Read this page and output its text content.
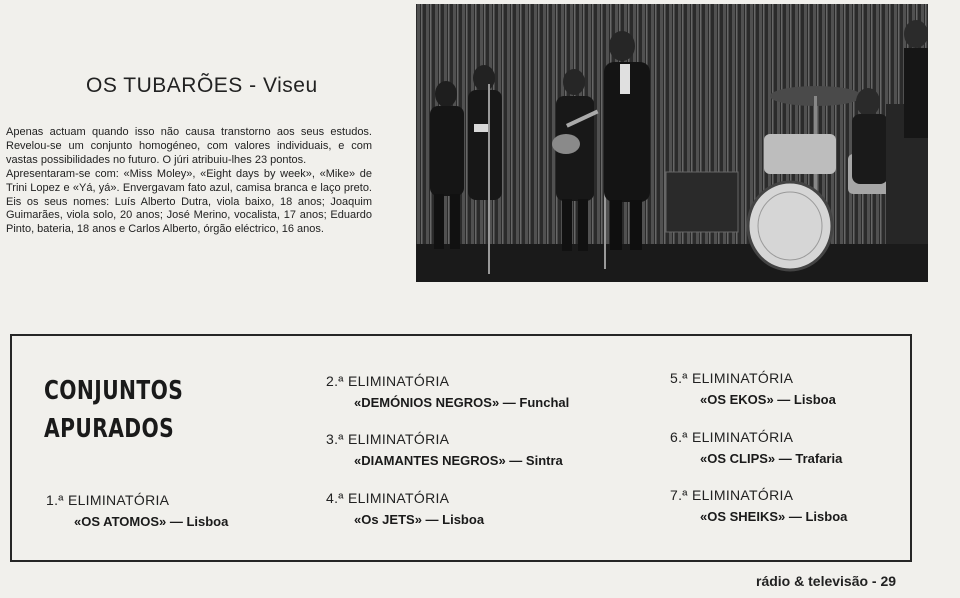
OS TUBARÕES - Viseu

Apenas actuam quando isso não causa transtorno aos seus estudos. Revelou-se um conjunto homogéneo, com valores individuais, e com vastas possibilidades no futuro. O júri atribuiu-lhes 23 pontos.

Apresentaram-se com: «Miss Moley», «Eight days by week», «Mike» de Trini Lopez e «Yá, yá». Envergavam fato azul, camisa branca e laço preto. Eis os seus nomes: Luís Alberto Dutra, viola baixo, 18 anos; Joaquim Guimarães, viola solo, 20 anos; José Merino, vocalista, 17 anos; Eduardo Pinto, bateria, 18 anos e Carlos Alberto, órgão eléctrico, 16 anos.

CONJUNTOS
APURADOS
1.ª ELIMINATÓRIA
«OS ATOMOS» — Lisboa
2.ª ELIMINATÓRIA
«DEMÓNIOS NEGROS» — Funchal
3.ª ELIMINATÓRIA
«DIAMANTES NEGROS» — Sintra
4.ª ELIMINATÓRIA
«Os JETS» — Lisboa
5.ª ELIMINATÓRIA
«OS EKOS» — Lisboa
6.ª ELIMINATÓRIA
«OS CLIPS» — Trafaria
7.ª ELIMINATÓRIA
«OS SHEIKS» — Lisboa
rádio & televisão - 29
